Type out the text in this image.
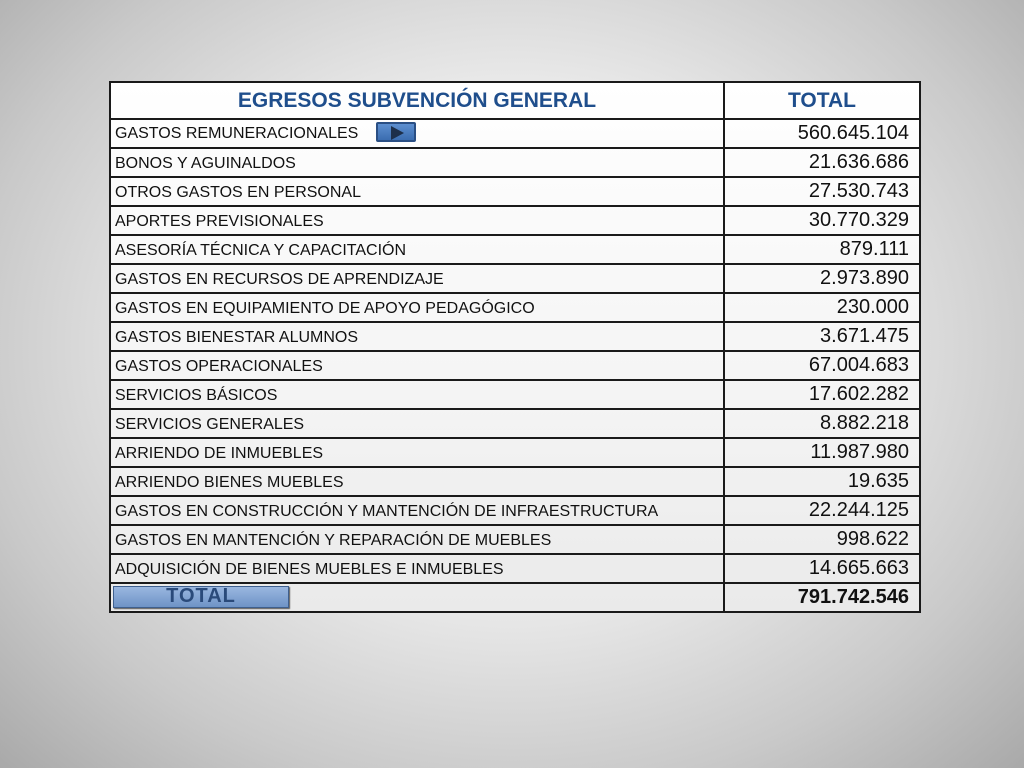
EGRESOS SUBVENCIÓN GENERAL	TOTAL
GASTOS REMUNERACIONALES	560.645.104
BONOS Y AGUINALDOS	21.636.686
OTROS GASTOS EN PERSONAL	27.530.743
APORTES PREVISIONALES	30.770.329
ASESORÍA TÉCNICA Y CAPACITACIÓN	879.111
GASTOS EN RECURSOS DE APRENDIZAJE	2.973.890
GASTOS EN EQUIPAMIENTO DE APOYO PEDAGÓGICO	230.000
GASTOS BIENESTAR ALUMNOS	3.671.475
GASTOS OPERACIONALES	67.004.683
SERVICIOS BÁSICOS	17.602.282
SERVICIOS GENERALES	8.882.218
ARRIENDO DE INMUEBLES	11.987.980
ARRIENDO BIENES MUEBLES	19.635
GASTOS EN CONSTRUCCIÓN Y MANTENCIÓN DE INFRAESTRUCTURA	22.244.125
GASTOS EN MANTENCIÓN Y REPARACIÓN DE MUEBLES	998.622
ADQUISICIÓN DE BIENES MUEBLES E INMUEBLES	14.665.663
TOTAL	791.742.546
